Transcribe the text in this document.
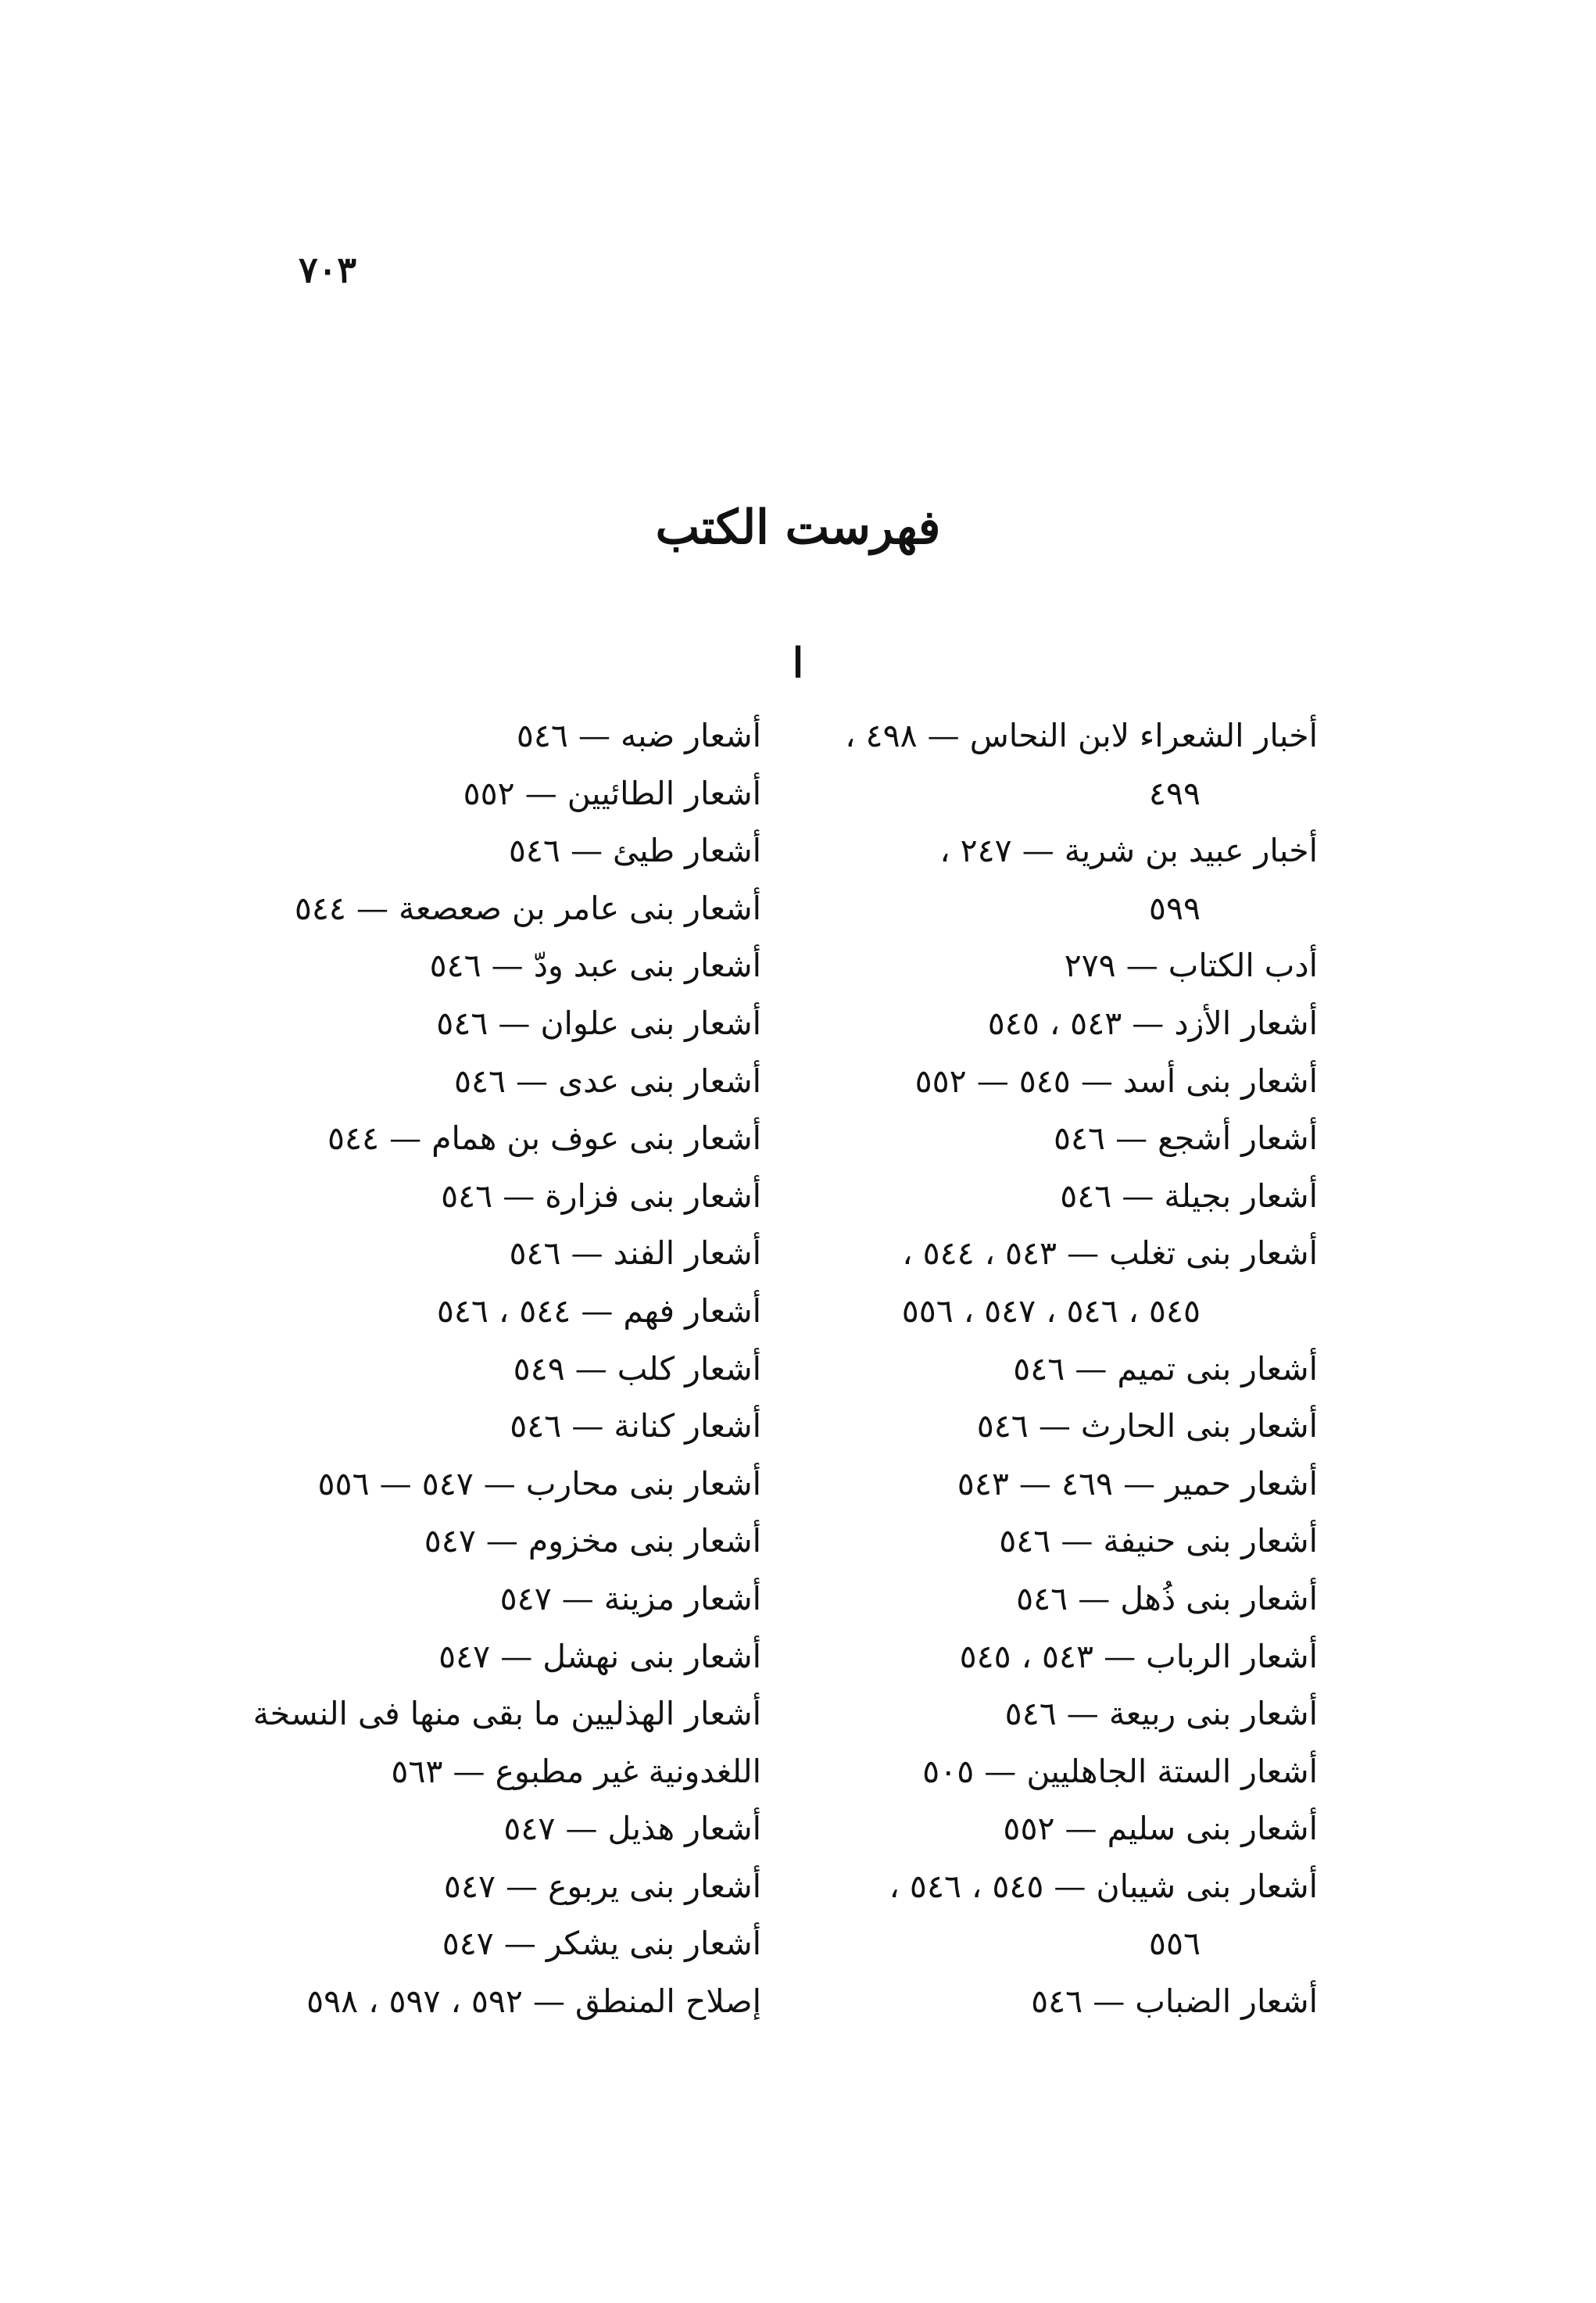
٧٠٣
فهرست الكتب
ا
أخبار الشعراء لابن النحاس — ٤٩٨ ،
٤٩٩
أخبار عبيد بن شرية — ٢٤٧ ،
٥٩٩
أدب الكتاب — ٢٧٩
أشعار الأزد — ٥٤٣ ، ٥٤٥
أشعار بنى أسد — ٥٤٥ — ٥٥٢
أشعار أشجع — ٥٤٦
أشعار بجيلة — ٥٤٦
أشعار بنى تغلب — ٥٤٣ ، ٥٤٤ ،
٥٤٥ ، ٥٤٦ ، ٥٤٧ ، ٥٥٦
أشعار بنى تميم — ٥٤٦
أشعار بنى الحارث — ٥٤٦
أشعار حمير — ٤٦٩ — ٥٤٣
أشعار بنى حنيفة — ٥٤٦
أشعار بنى ذُهل — ٥٤٦
أشعار الرباب — ٥٤٣ ، ٥٤٥
أشعار بنى ربيعة — ٥٤٦
أشعار الستة الجاهليين — ٥٠٥
أشعار بنى سليم — ٥٥٢
أشعار بنى شيبان — ٥٤٥ ، ٥٤٦ ،
٥٥٦
أشعار الضباب — ٥٤٦
أشعار ضبه — ٥٤٦
أشعار الطائيين — ٥٥٢
أشعار طيئ — ٥٤٦
أشعار بنى عامر بن صعصعة — ٥٤٤
أشعار بنى عبد ودّ — ٥٤٦
أشعار بنى علوان — ٥٤٦
أشعار بنى عدى — ٥٤٦
أشعار بنى عوف بن همام — ٥٤٤
أشعار بنى فزارة — ٥٤٦
أشعار الفند — ٥٤٦
أشعار فهم — ٥٤٤ ، ٥٤٦
أشعار كلب — ٥٤٩
أشعار كنانة — ٥٤٦
أشعار بنى محارب — ٥٤٧ — ٥٥٦
أشعار بنى مخزوم — ٥٤٧
أشعار مزينة — ٥٤٧
أشعار بنى نهشل — ٥٤٧
أشعار الهذليين ما بقى منها فى النسخة
اللغدونية غير مطبوع — ٥٦٣
أشعار هذيل — ٥٤٧
أشعار بنى يربوع — ٥٤٧
أشعار بنى يشكر — ٥٤٧
إصلاح المنطق — ٥٩٢ ، ٥٩٧ ، ٥٩٨
